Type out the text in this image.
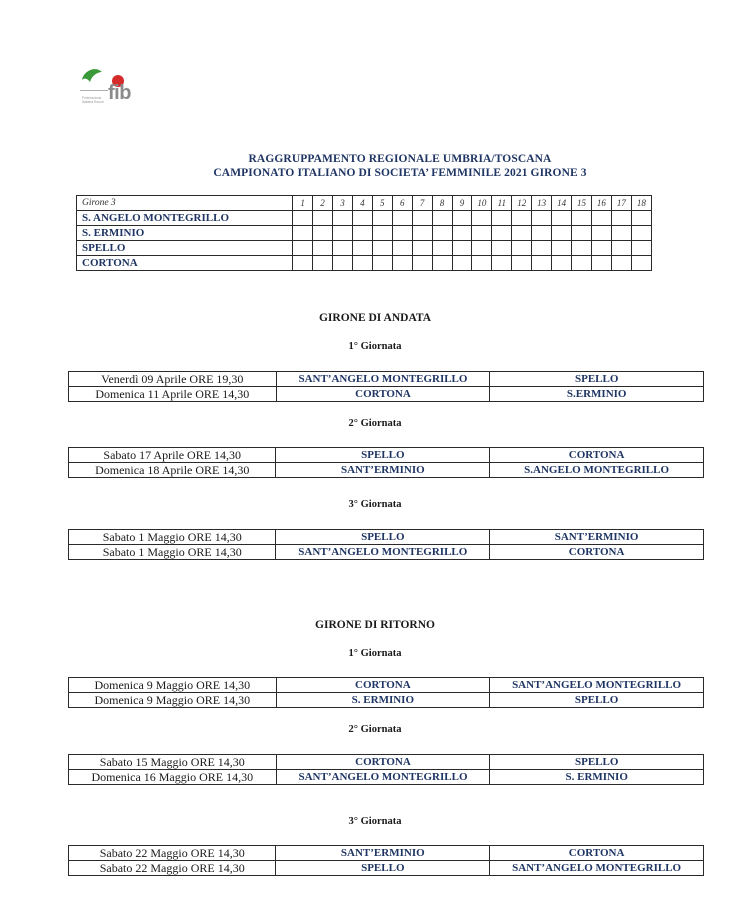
fib
Federazione Italiana Bocce
RAGGRUPPAMENTO REGIONALE UMBRIA/TOSCANA
CAMPIONATO ITALIANO DI SOCIETA’ FEMMINILE 2021 GIRONE 3
Girone 3	1	2	3	4	5	6	7	8	9	10	11	12	13	14	15	16	17	18
S. ANGELO MONTEGRILLO																		
S. ERMINIO																		
SPELLO																		
CORTONA																		
GIRONE DI ANDATA
1° Giornata
Venerdì 09 Aprile ORE 19,30	SANT’ANGELO MONTEGRILLO	SPELLO
Domenica 11 Aprile ORE 14,30	CORTONA	S.ERMINIO
2° Giornata
Sabato 17 Aprile ORE 14,30	SPELLO	CORTONA
Domenica 18 Aprile ORE 14,30	SANT’ERMINIO	S.ANGELO MONTEGRILLO
3° Giornata
Sabato 1 Maggio ORE 14,30	SPELLO	SANT’ERMINIO
Sabato 1 Maggio ORE 14,30	SANT’ANGELO MONTEGRILLO	CORTONA
GIRONE DI RITORNO
1° Giornata
Domenica 9 Maggio ORE 14,30	CORTONA	SANT’ANGELO MONTEGRILLO
Domenica 9 Maggio ORE 14,30	S. ERMINIO	SPELLO
2° Giornata
Sabato 15 Maggio ORE 14,30	CORTONA	SPELLO
Domenica 16 Maggio ORE 14,30	SANT’ANGELO MONTEGRILLO	S. ERMINIO
3° Giornata
Sabato 22 Maggio ORE 14,30	SANT’ERMINIO	CORTONA
Sabato 22 Maggio ORE 14,30	SPELLO	SANT’ANGELO MONTEGRILLO
